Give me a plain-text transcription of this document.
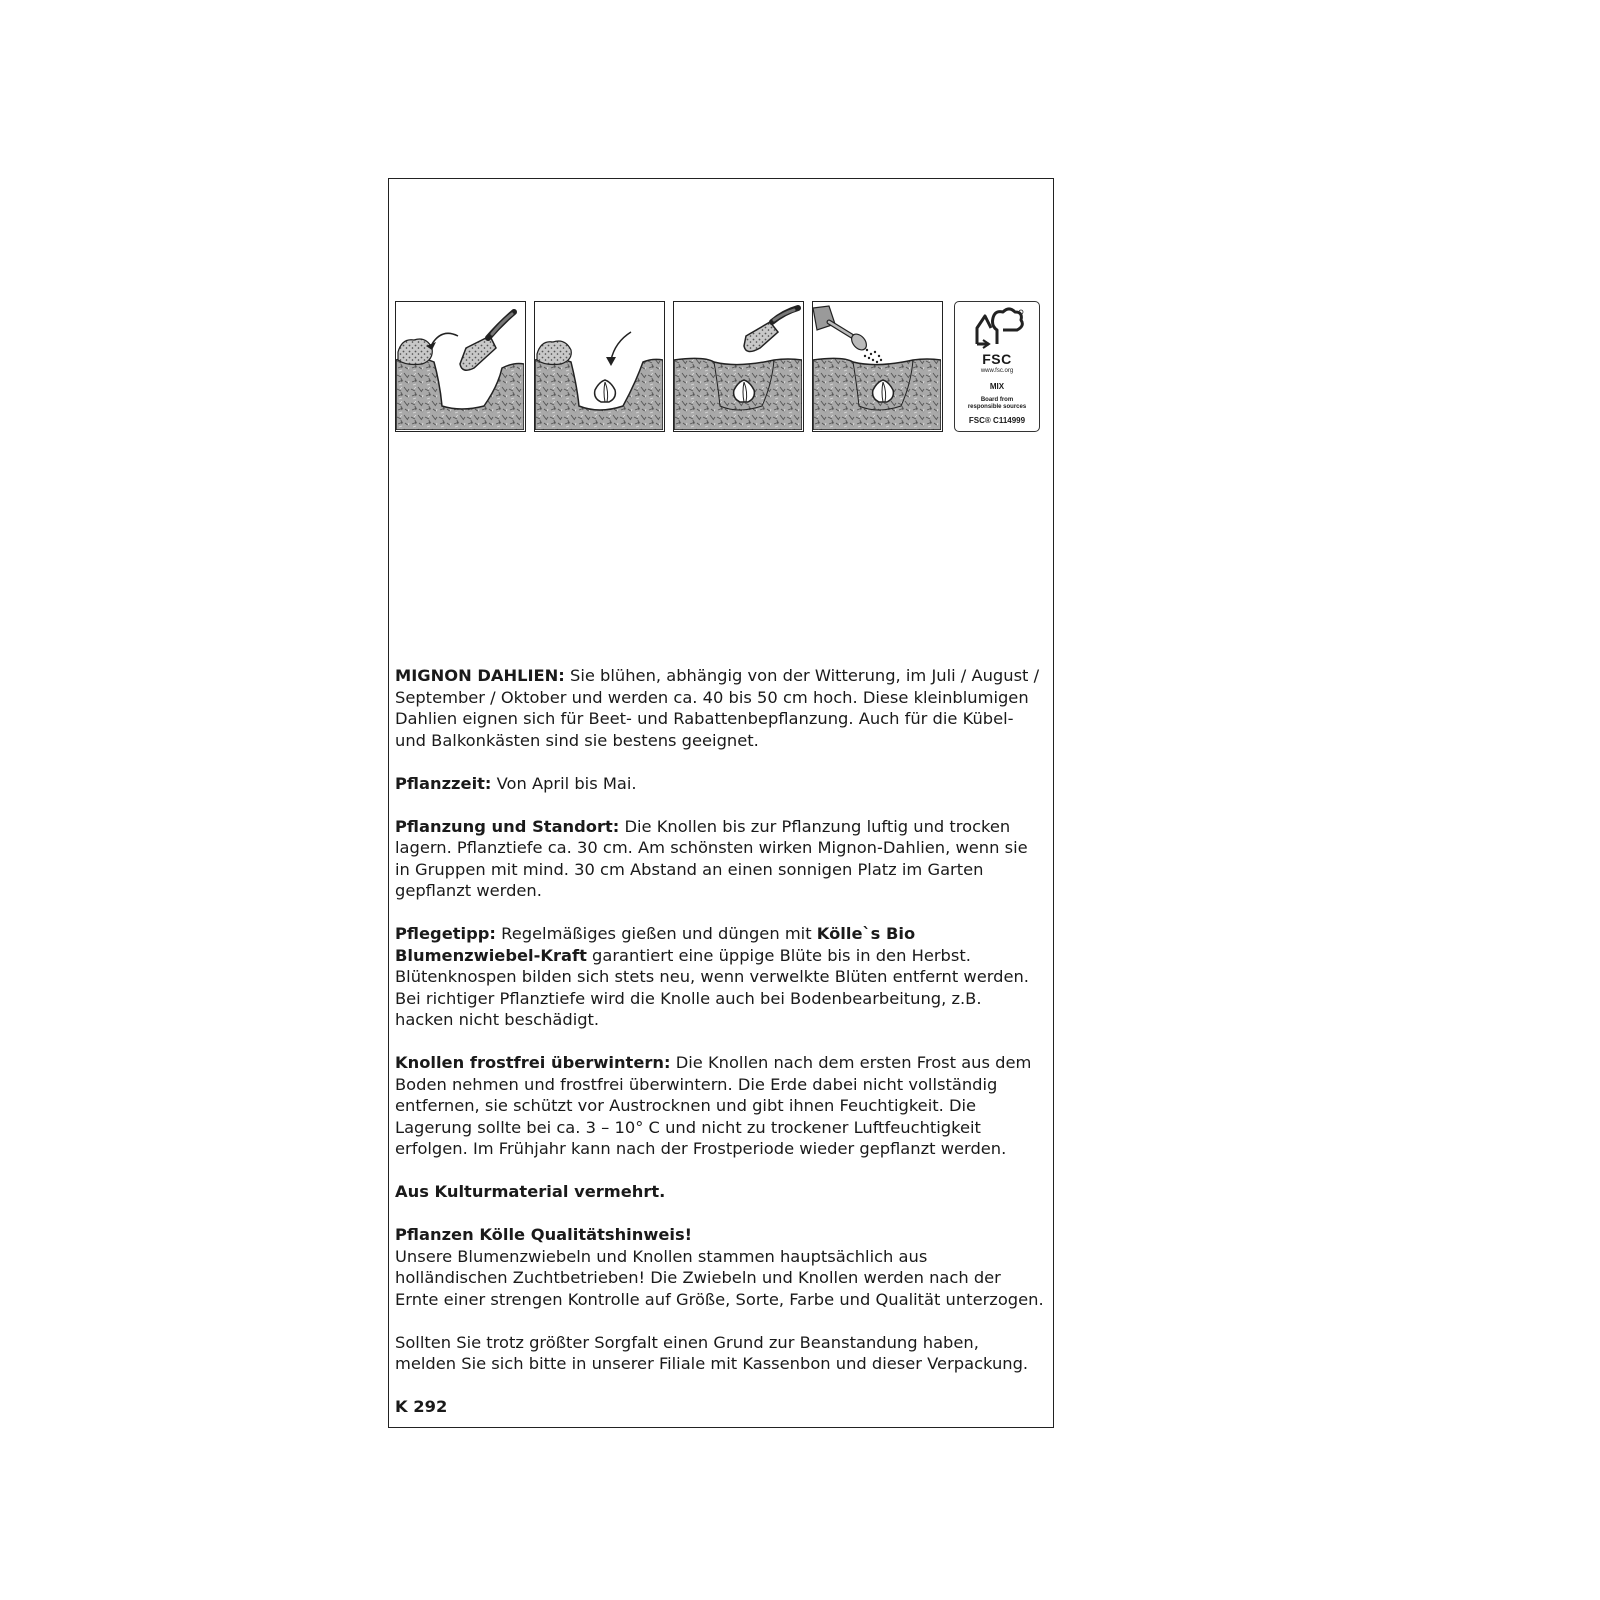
FSC
www.fsc.org
MIX
Board from
responsible sources
FSC® C114999

MIGNON DAHLIEN: Sie blühen, abhängig von der Witterung, im Juli / August / September / Oktober und werden ca. 40 bis 50 cm hoch. Diese kleinblumigen Dahlien eignen sich für Beet- und Rabattenbepflanzung. Auch für die Kübel- und Balkonkästen sind sie bestens geeignet.

Pflanzzeit: Von April bis Mai.

Pflanzung und Standort: Die Knollen bis zur Pflanzung luftig und trocken lagern. Pflanztiefe ca. 30 cm. Am schönsten wirken Mignon-Dahlien, wenn sie in Gruppen mit mind. 30 cm Abstand an einen sonnigen Platz im Garten gepflanzt werden.

Pflegetipp: Regelmäßiges gießen und düngen mit Kölle`s Bio Blumenzwiebel-Kraft garantiert eine üppige Blüte bis in den Herbst. Blütenknospen bilden sich stets neu, wenn verwelkte Blüten entfernt werden. Bei richtiger Pflanztiefe wird die Knolle auch bei Bodenbearbeitung, z.B. hacken nicht beschädigt.

Knollen frostfrei überwintern: Die Knollen nach dem ersten Frost aus dem Boden nehmen und frostfrei überwintern. Die Erde dabei nicht vollständig entfernen, sie schützt vor Austrocknen und gibt ihnen Feuchtigkeit. Die Lagerung sollte bei ca. 3 – 10° C und nicht zu trockener Luftfeuchtigkeit erfolgen. Im Frühjahr kann nach der Frostperiode wieder gepflanzt werden.

Aus Kulturmaterial vermehrt.

Pflanzen Kölle Qualitätshinweis!
Unsere Blumenzwiebeln und Knollen stammen hauptsächlich aus holländischen Zuchtbetrieben! Die Zwiebeln und Knollen werden nach der Ernte einer strengen Kontrolle auf Größe, Sorte, Farbe und Qualität unterzogen.

Sollten Sie trotz größter Sorgfalt einen Grund zur Beanstandung haben, melden Sie sich bitte in unserer Filiale mit Kassenbon und dieser Verpackung.

K 292
